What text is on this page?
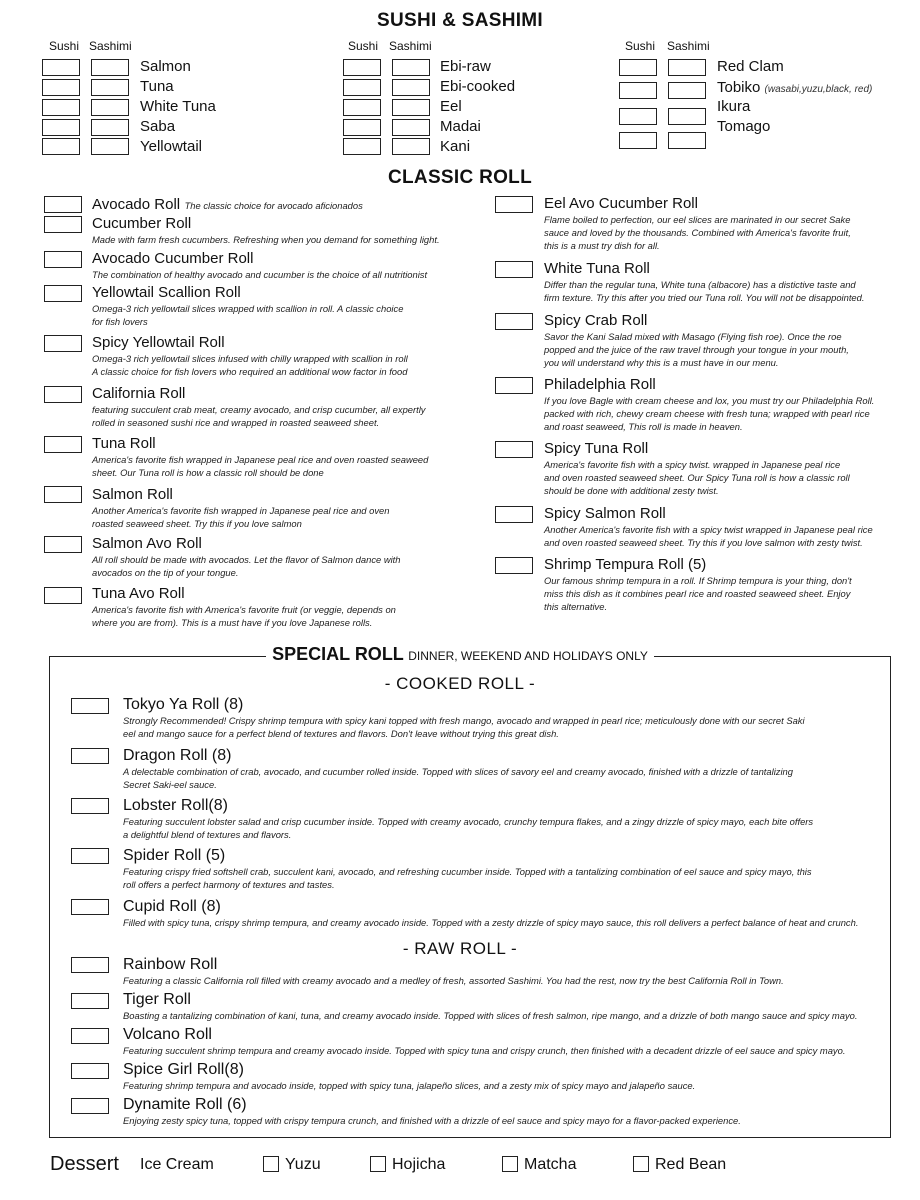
SUSHI & SASHIMI
Sushi Sashimi	Sushi Sashimi	Sushi Sashimi
Salmon
Tuna
White Tuna
Saba
Yellowtail
Ebi-raw
Ebi-cooked
Eel
Madai
Kani
Red Clam
Tobiko (wasabi,yuzu,black, red)
Ikura
Tomago
CLASSIC ROLL
Avocado Roll The classic choice for avocado aficionados
Cucumber Roll
Made with farm fresh cucumbers. Refreshing when you demand for something light.
Avocado Cucumber Roll
The combination of healthy avocado and cucumber is the choice of all nutritionist
Yellowtail Scallion Roll
Omega-3 rich yellowtail slices wrapped with scallion in roll. A classic choice
for fish lovers
Spicy Yellowtail Roll
Omega-3 rich yellowtail slices infused with chilly wrapped with scallion in roll
A classic choice for fish lovers who required an additional wow factor in food
California Roll
featuring succulent crab meat, creamy avocado, and crisp cucumber, all expertly
rolled in seasoned sushi rice and wrapped in roasted seaweed sheet.
Tuna Roll
America's favorite fish wrapped in Japanese peal rice and oven roasted seaweed
sheet. Our Tuna roll is how a classic roll should be done
Salmon Roll
Another America's favorite fish wrapped in Japanese peal rice and oven
roasted seaweed sheet. Try this if you love salmon
Salmon Avo Roll
All roll should be made with avocados. Let the flavor of Salmon dance with
avocados on the tip of your tongue.
Tuna Avo Roll
America's favorite fish with America's favorite fruit (or veggie, depends on
where you are from). This is a must have if you love Japanese rolls.
Eel Avo Cucumber Roll
Flame boiled to perfection, our eel slices are marinated in our secret Sake
sauce and loved by the thousands. Combined with America's favorite fruit,
this is a must try dish for all.
White Tuna Roll
Differ than the regular tuna, White tuna (albacore) has a distictive taste and
firm texture. Try this after you tried our Tuna roll. You will not be disappointed.
Spicy Crab Roll
Savor the Kani Salad mixed with Masago (Flying fish roe). Once the roe
popped and the juice of the raw travel through your tongue in your mouth,
you will understand why this is a must have in our menu.
Philadelphia Roll
If you love Bagle with cream cheese and lox, you must try our Philadelphia Roll.
packed with rich, chewy cream cheese with fresh tuna; wrapped with pearl rice
and roast seaweed, This roll is made in heaven.
Spicy Tuna Roll
America's favorite fish with a spicy twist. wrapped in Japanese peal rice
and oven roasted seaweed sheet. Our Spicy Tuna roll is how a classic roll
should be done with additional zesty twist.
Spicy Salmon Roll
Another America's favorite fish with a spicy twist wrapped in Japanese peal rice
and oven roasted seaweed sheet. Try this if you love salmon with zesty twist.
Shrimp Tempura Roll (5)
Our famous shrimp tempura in a roll. If Shrimp tempura is your thing, don't
miss this dish as it combines pearl rice and roasted seaweed sheet. Enjoy
this alternative.
SPECIAL ROLL DINNER, WEEKEND AND HOLIDAYS ONLY
- COOKED ROLL -
Tokyo Ya Roll (8)
Strongly Recommended! Crispy shrimp tempura with spicy kani topped with fresh mango, avocado and wrapped in pearl rice; meticulously done with our secret Saki
eel and mango sauce for a perfect blend of textures and flavors. Don't leave without trying this great dish.
Dragon Roll (8)
A delectable combination of crab, avocado, and cucumber rolled inside. Topped with slices of savory eel and creamy avocado, finished with a drizzle of tantalizing
Secret Saki-eel sauce.
Lobster Roll(8)
Featuring succulent lobster salad and crisp cucumber inside. Topped with creamy avocado, crunchy tempura flakes, and a zingy drizzle of spicy mayo, each bite offers
a delightful blend of textures and flavors.
Spider Roll (5)
Featuring crispy fried softshell crab, succulent kani, avocado, and refreshing cucumber inside. Topped with a tantalizing combination of eel sauce and spicy mayo, this
roll offers a perfect harmony of textures and tastes.
Cupid Roll (8)
Filled with spicy tuna, crispy shrimp tempura, and creamy avocado inside. Topped with a zesty drizzle of spicy mayo sauce, this roll delivers a perfect balance of heat and crunch.
- RAW ROLL -
Rainbow Roll
Featuring a classic California roll filled with creamy avocado and a medley of fresh, assorted Sashimi. You had the rest, now try the best California Roll in Town.
Tiger Roll
Boasting a tantalizing combination of kani, tuna, and creamy avocado inside. Topped with slices of fresh salmon, ripe mango, and a drizzle of both mango sauce and spicy mayo.
Volcano Roll
Featuring succulent shrimp tempura and creamy avocado inside. Topped with spicy tuna and crispy crunch, then finished with a decadent drizzle of eel sauce and spicy mayo.
Spice Girl Roll(8)
Featuring shrimp tempura and avocado inside, topped with spicy tuna, jalapeño slices, and a zesty mix of spicy mayo and jalapeño sauce.
Dynamite Roll (6)
Enjoying zesty spicy tuna, topped with crispy tempura crunch, and finished with a drizzle of eel sauce and spicy mayo for a flavor-packed experience.
Dessert Ice Cream	Yuzu	Hojicha	Matcha	Red Bean
